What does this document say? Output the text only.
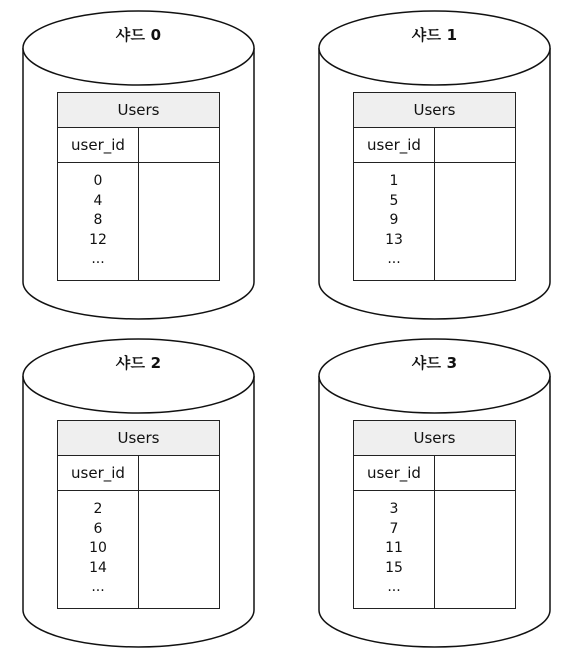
샤드 0
Users
user_id
0
4
8
12
...
샤드 1
Users
user_id
1
5
9
13
...
샤드 2
Users
user_id
2
6
10
14
...
샤드 3
Users
user_id
3
7
11
15
...
